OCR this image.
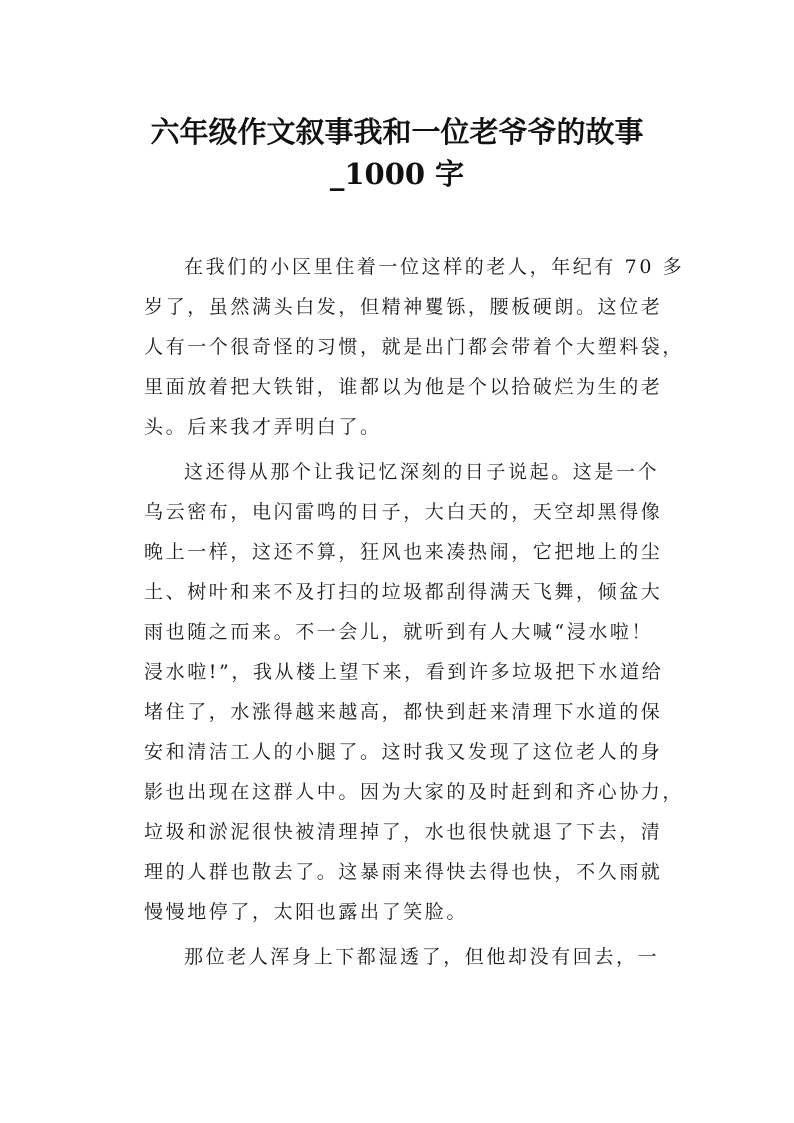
六年级作文叙事我和一位老爷爷的故事
_1000 字
在我们的小区里住着一位这样的老人，年纪有 70 多
岁了，虽然满头白发，但精神矍铄，腰板硬朗。这位老
人有一个很奇怪的习惯，就是出门都会带着个大塑料袋，
里面放着把大铁钳，谁都以为他是个以拾破烂为生的老
头。后来我才弄明白了。
这还得从那个让我记忆深刻的日子说起。这是一个
乌云密布，电闪雷鸣的日子，大白天的，天空却黑得像
晚上一样，这还不算，狂风也来凑热闹，它把地上的尘
土、树叶和来不及打扫的垃圾都刮得满天飞舞，倾盆大
雨也随之而来。不一会儿，就听到有人大喊“浸水啦！
浸水啦!”，我从楼上望下来，看到许多垃圾把下水道给
堵住了，水涨得越来越高，都快到赶来清理下水道的保
安和清洁工人的小腿了。这时我又发现了这位老人的身
影也出现在这群人中。因为大家的及时赶到和齐心协力，
垃圾和淤泥很快被清理掉了，水也很快就退了下去，清
理的人群也散去了。这暴雨来得快去得也快，不久雨就
慢慢地停了，太阳也露出了笑脸。
那位老人浑身上下都湿透了，但他却没有回去，一
